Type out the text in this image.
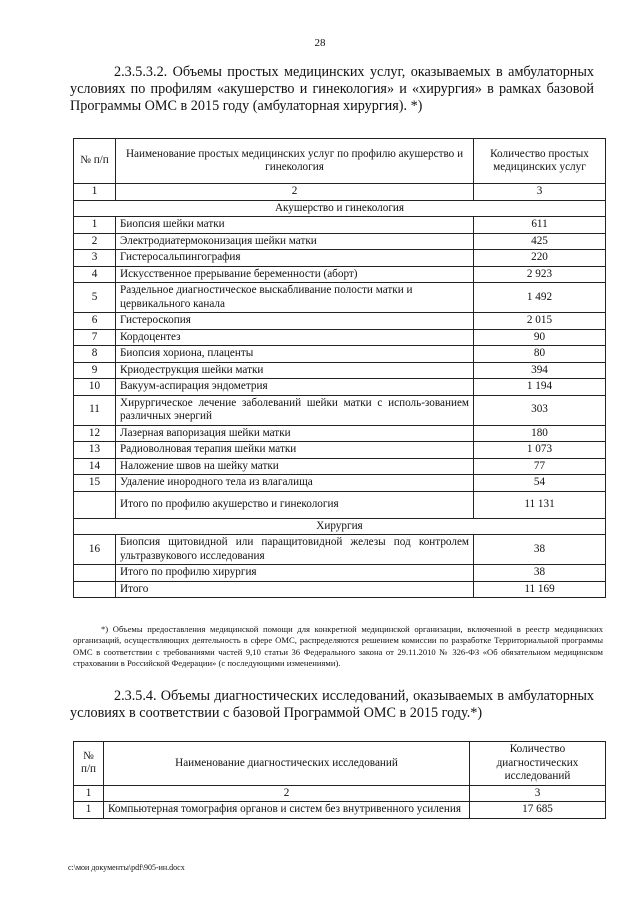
28
2.3.5.3.2. Объемы простых медицинских услуг, оказываемых в амбулаторных условиях по профилям «акушерство и гинекология» и «хирургия» в рамках базовой Программы ОМС в 2015 году (амбулаторная хирургия). *)
№ п/п	Наименование простых медицинских услуг по профилю акушерство и гинекология	Количество простых медицинских услуг
1	2	3
Акушерство и гинекология		
1	Биопсия шейки матки	611
2	Электродиатермоконизация шейки матки	425
3	Гистеросальпингография	220
4	Искусственное прерывание беременности (аборт)	2 923
5	Раздельное диагностическое выскабливание полости матки и цервикального канала	1 492
6	Гистероскопия	2 015
7	Кордоцентез	90
8	Биопсия хориона, плаценты	80
9	Криодеструкция шейки матки	394
10	Вакуум-аспирация эндометрия	1 194
11	Хирургическое лечение заболеваний шейки матки с исполь-зованием различных энергий	303
12	Лазерная вапоризация шейки матки	180
13	Радиоволновая терапия шейки матки	1 073
14	Наложение швов на шейку матки	77
15	Удаление инородного тела из влагалища	54
	Итого по профилю акушерство и гинекология	11 131
Хирургия		
16	Биопсия щитовидной или паращитовидной железы под контролем ультразвукового исследования	38
	Итого по профилю хирургия	38
	Итого	11 169
*) Объемы предоставления медицинской помощи для конкретной медицинской организации, включенной в реестр медицинских организаций, осуществляющих деятельность в сфере ОМС, распределяются решением комиссии по разработке Территориальной программы ОМС в соответствии с требованиями частей 9,10 статьи 36 Федерального закона от 29.11.2010 № 326-ФЗ «Об обязательном медицинском страховании в Российской Федерации» (с последующими изменениями).
2.3.5.4. Объемы диагностических исследований, оказываемых в амбулаторных условиях в соответствии с базовой Программой ОМС в 2015 году.*)
№ п/п	Наименование диагностических исследований	Количество диагностических исследований
1	2	3
1	Компьютерная томография органов и систем без внутривенного усиления	17 685
c:\мои документы\pdf\905-ин.docx
